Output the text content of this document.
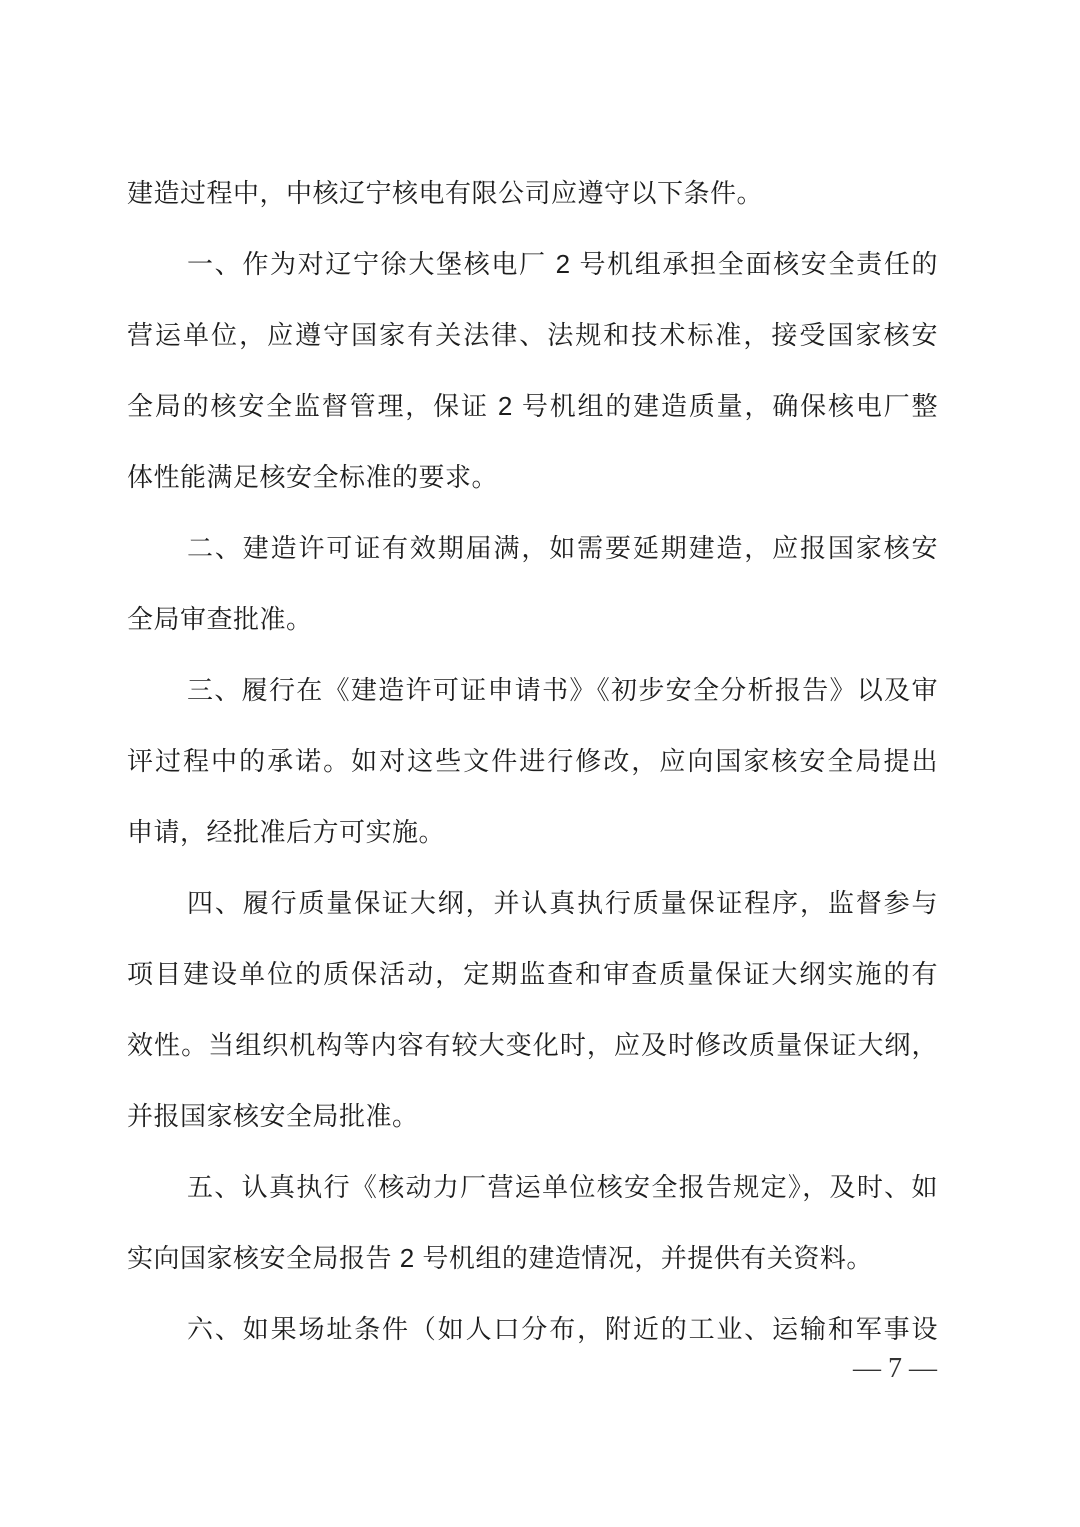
建造过程中，中核辽宁核电有限公司应遵守以下条件。
一、作为对辽宁徐大堡核电厂 2 号机组承担全面核安全责任的
营运单位，应遵守国家有关法律、法规和技术标准，接受国家核安
全局的核安全监督管理，保证 2 号机组的建造质量，确保核电厂整
体性能满足核安全标准的要求。
二、建造许可证有效期届满，如需要延期建造，应报国家核安
全局审查批准。
三、履行在《建造许可证申请书》《初步安全分析报告》以及审
评过程中的承诺。如对这些文件进行修改，应向国家核安全局提出
申请，经批准后方可实施。
四、履行质量保证大纲，并认真执行质量保证程序，监督参与
项目建设单位的质保活动，定期监查和审查质量保证大纲实施的有
效性。当组织机构等内容有较大变化时，应及时修改质量保证大纲，
并报国家核安全局批准。
五、认真执行《核动力厂营运单位核安全报告规定》，及时、如
实向国家核安全局报告 2 号机组的建造情况，并提供有关资料。
六、如果场址条件（如人口分布，附近的工业、运输和军事设
— 7 —
